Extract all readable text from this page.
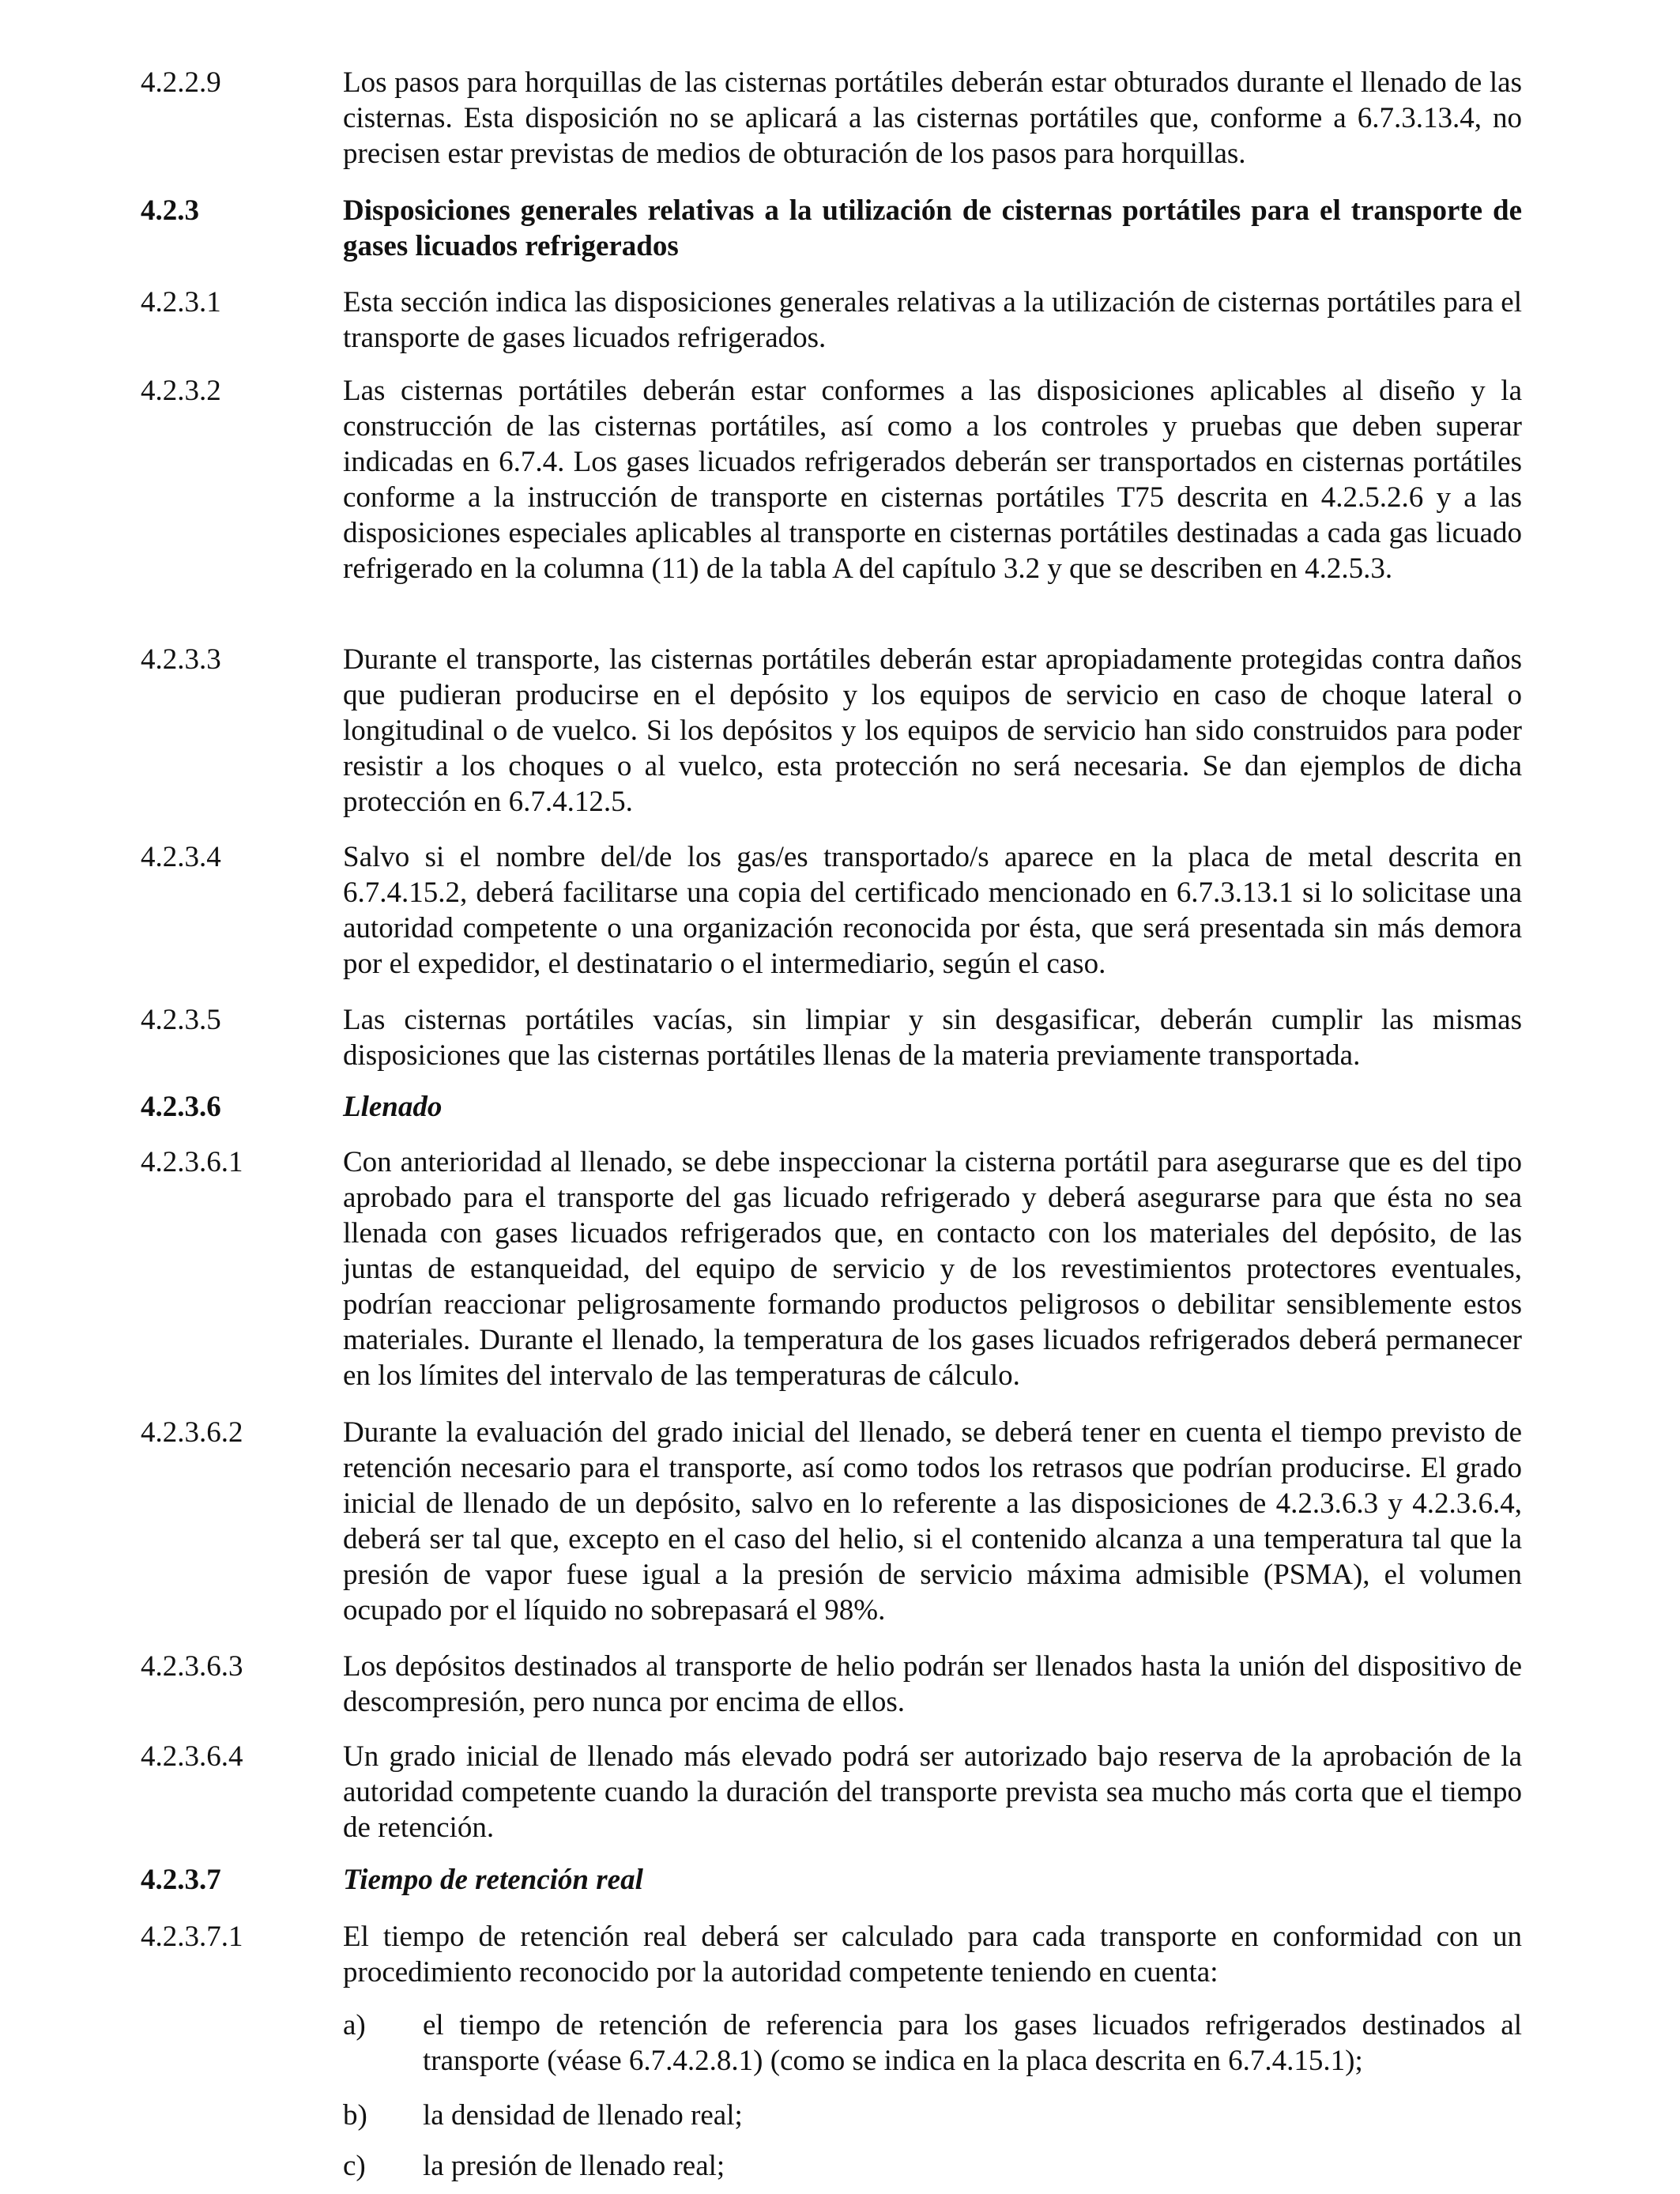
4.2.2.9	Los pasos para horquillas de las cisternas portátiles deberán estar obturados durante el llenado de las cisternas. Esta disposición no se aplicará a las cisternas portátiles que, conforme a 6.7.3.13.4, no precisen estar previstas de medios de obturación de los pasos para horquillas.
4.2.3	Disposiciones generales relativas a la utilización de cisternas portátiles para el transporte de gases licuados refrigerados
4.2.3.1	Esta sección indica las disposiciones generales relativas a la utilización de cisternas portátiles para el transporte de gases licuados refrigerados.
4.2.3.2	Las cisternas portátiles deberán estar conformes a las disposiciones aplicables al diseño y la construcción de las cisternas portátiles, así como a los controles y pruebas que deben superar indicadas en 6.7.4. Los gases licuados refrigerados deberán ser transportados en cisternas portátiles conforme a la instrucción de transporte en cisternas portátiles T75 descrita en 4.2.5.2.6 y a las disposiciones especiales aplicables al transporte en cisternas portátiles destinadas a cada gas licuado refrigerado en la columna (11) de la tabla A del capítulo 3.2 y que se describen en 4.2.5.3.
4.2.3.3	Durante el transporte, las cisternas portátiles deberán estar apropiadamente protegidas contra daños que pudieran producirse en el depósito y los equipos de servicio en caso de choque lateral o longitudinal o de vuelco. Si los depósitos y los equipos de servicio han sido construidos para poder resistir a los choques o al vuelco, esta protección no será necesaria. Se dan ejemplos de dicha protección en 6.7.4.12.5.
4.2.3.4	Salvo si el nombre del/de los gas/es transportado/s aparece en la placa de metal descrita en 6.7.4.15.2, deberá facilitarse una copia del certificado mencionado en 6.7.3.13.1 si lo solicitase una autoridad competente o una organización reconocida por ésta, que será presentada sin más demora por el expedidor, el destinatario o el intermediario, según el caso.
4.2.3.5	Las cisternas portátiles vacías, sin limpiar y sin desgasificar, deberán cumplir las mismas disposiciones que las cisternas portátiles llenas de la materia previamente transportada.
4.2.3.6	Llenado
4.2.3.6.1	Con anterioridad al llenado, se debe inspeccionar la cisterna portátil para asegurarse que es del tipo aprobado para el transporte del gas licuado refrigerado y deberá asegurarse para que ésta no sea llenada con gases licuados refrigerados que, en contacto con los materiales del depósito, de las juntas de estanqueidad, del equipo de servicio y de los revestimientos protectores eventuales, podrían reaccionar peligrosamente formando productos peligrosos o debilitar sensiblemente estos materiales. Durante el llenado, la temperatura de los gases licuados refrigerados deberá permanecer en los límites del intervalo de las temperaturas de cálculo.
4.2.3.6.2	Durante la evaluación del grado inicial del llenado, se deberá tener en cuenta el tiempo previsto de retención necesario para el transporte, así como todos los retrasos que podrían producirse. El grado inicial de llenado de un depósito, salvo en lo referente a las disposiciones de 4.2.3.6.3 y 4.2.3.6.4, deberá ser tal que, excepto en el caso del helio, si el contenido alcanza a una temperatura tal que la presión de vapor fuese igual a la presión de servicio máxima admisible (PSMA), el volumen ocupado por el líquido no sobrepasará el 98%.
4.2.3.6.3	Los depósitos destinados al transporte de helio podrán ser llenados hasta la unión del dispositivo de descompresión, pero nunca por encima de ellos.
4.2.3.6.4	Un grado inicial de llenado más elevado podrá ser autorizado bajo reserva de la aprobación de la autoridad competente cuando la duración del transporte prevista sea mucho más corta que el tiempo de retención.
4.2.3.7	Tiempo de retención real
4.2.3.7.1	El tiempo de retención real deberá ser calculado para cada transporte en conformidad con un procedimiento reconocido por la autoridad competente teniendo en cuenta:
a) el tiempo de retención de referencia para los gases licuados refrigerados destinados al transporte (véase 6.7.4.2.8.1) (como se indica en la placa descrita en 6.7.4.15.1);
b) la densidad de llenado real;
c) la presión de llenado real;
